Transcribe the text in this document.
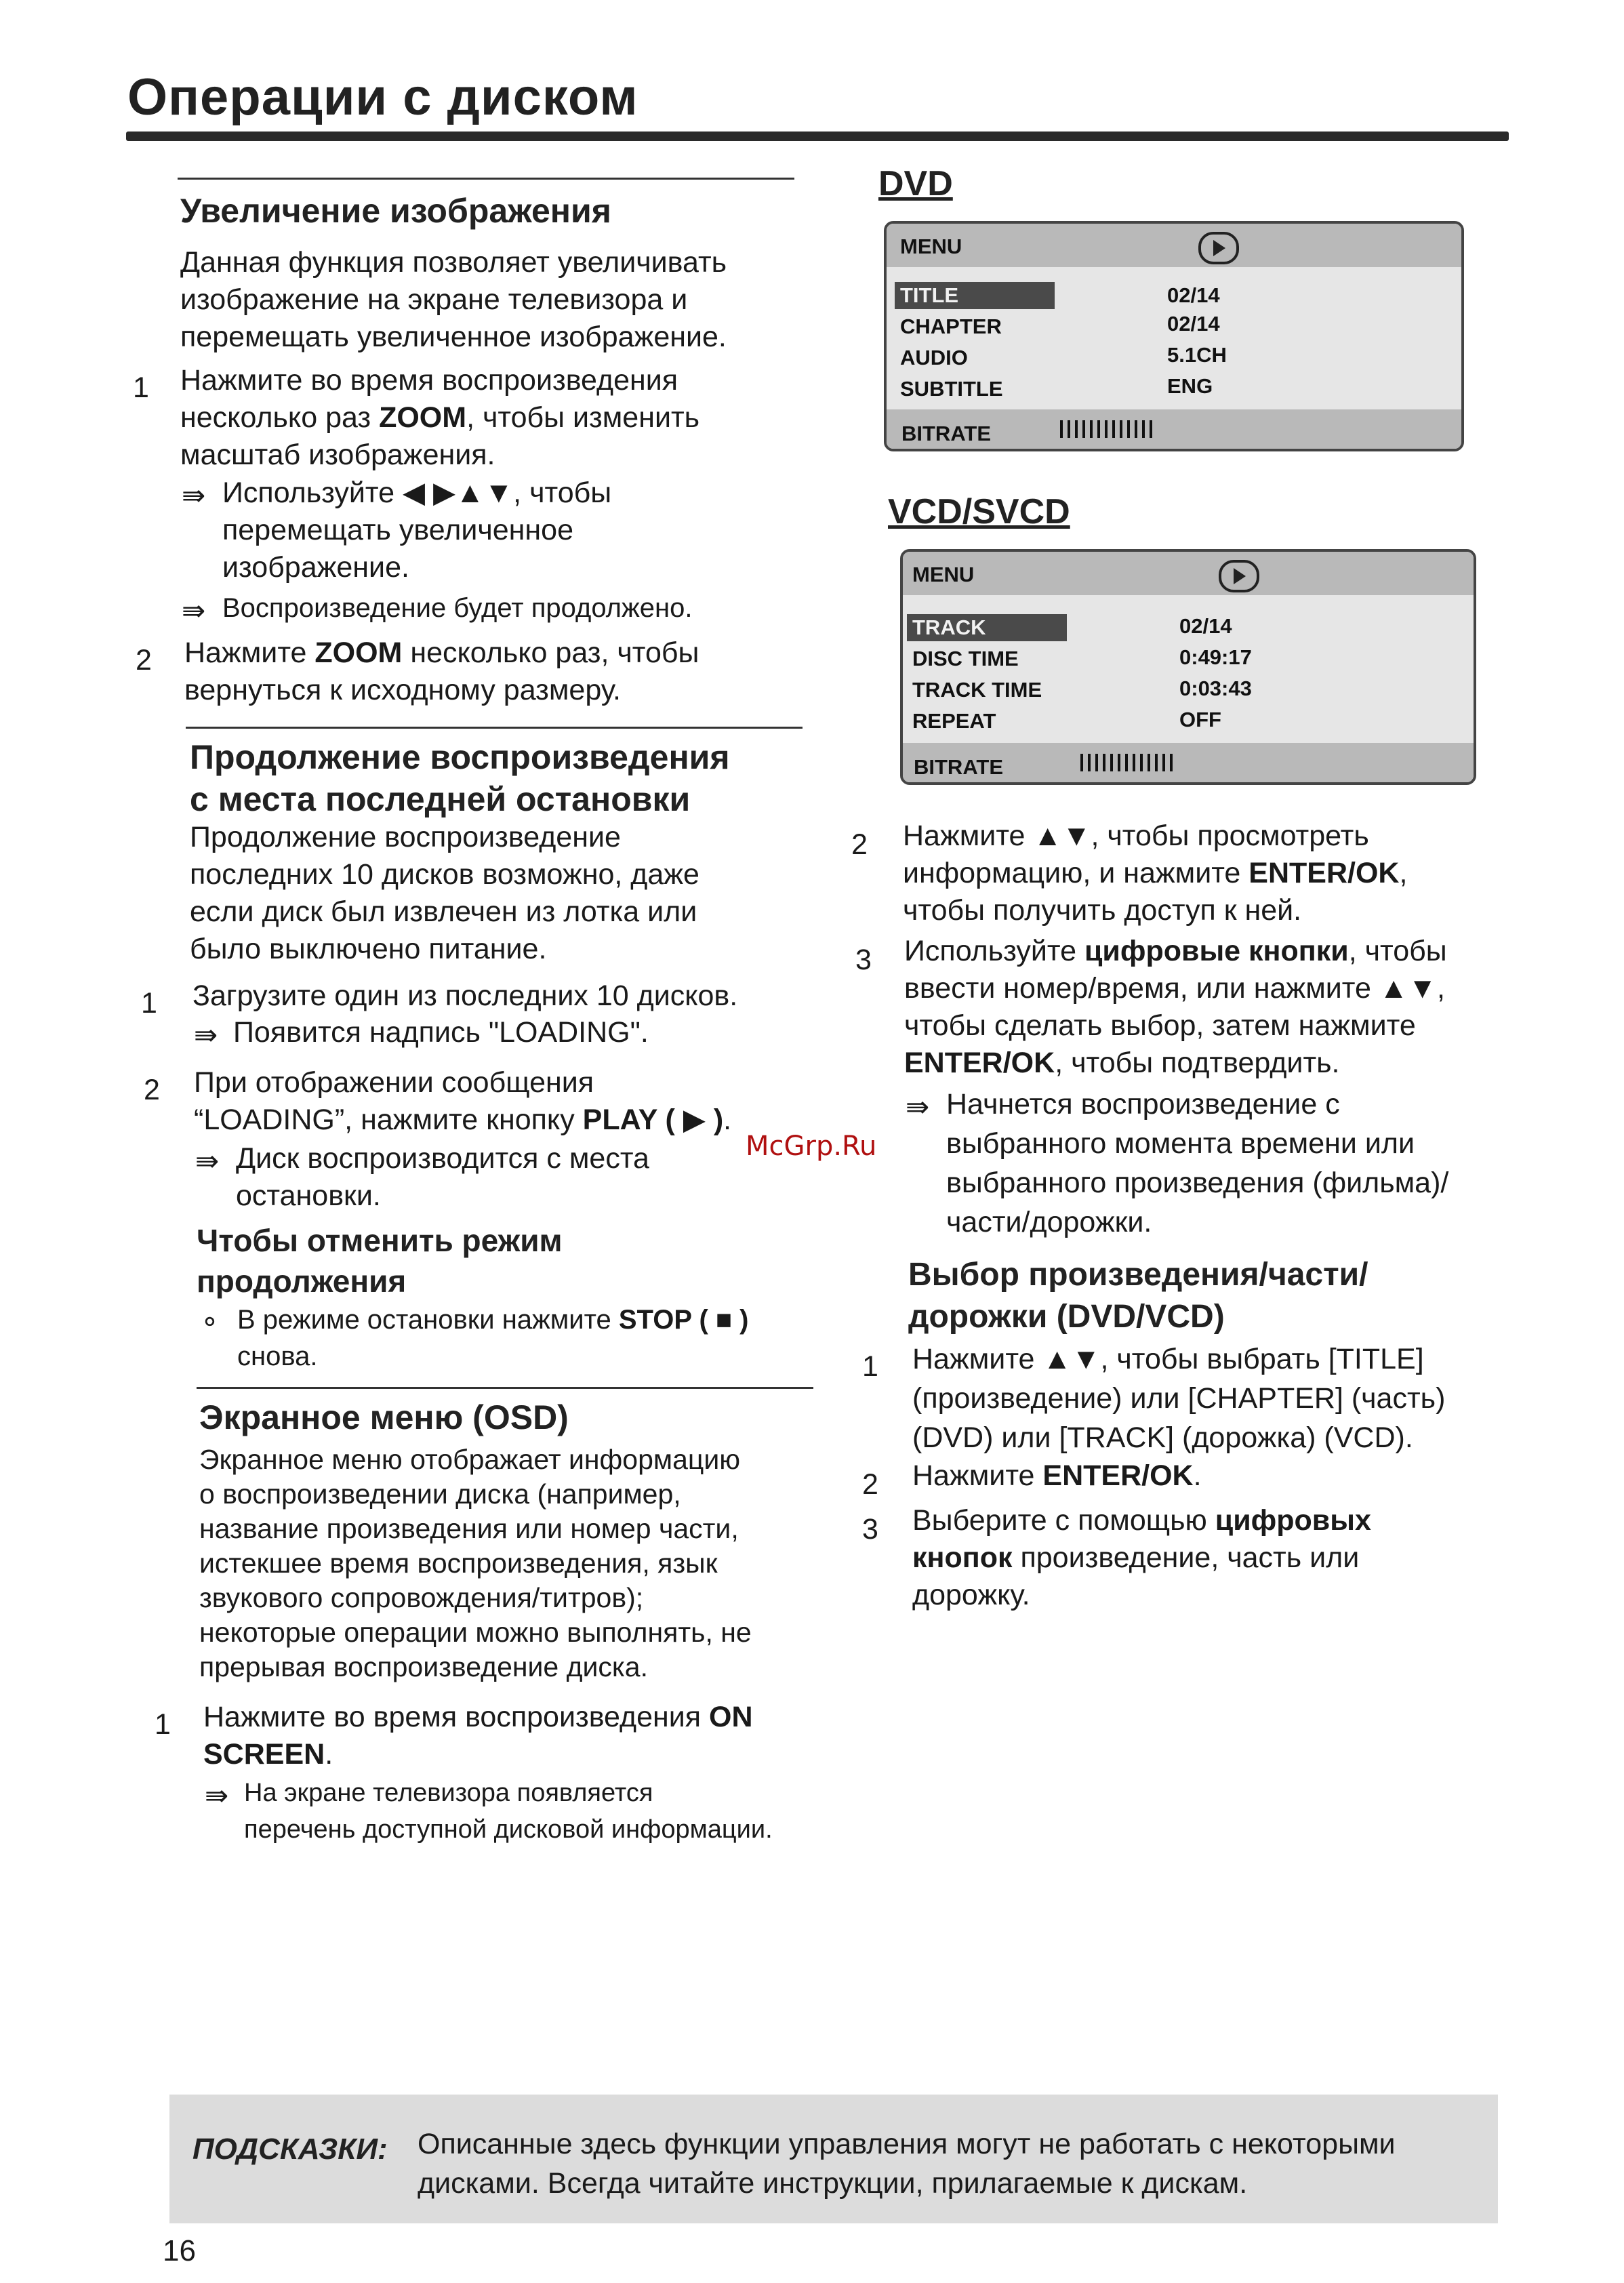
Операции с диском
Увеличение изображения
Данная функция позволяет увеличивать
изображение на экране телевизора и
перемещать увеличенное изображение.
1 Нажмите во время воспроизведения
несколько раз ZOOM, чтобы изменить
масштаб изображения.
⇛ Используйте ◀ ▶▲▼, чтобы
перемещать увеличенное
изображение.
⇛ Воспроизведение будет продолжено.
2 Нажмите ZOOM несколько раз, чтобы
вернуться к исходному размеру.
Продолжение воспроизведения
с места последней остановки
Продолжение воспроизведение
последних 10 дисков возможно, даже
если диск был извлечен из лотка или
было выключено питание.
1 Загрузите один из последних 10 дисков.
⇛ Появится надпись "LOADING".
2 При отображении сообщения
“LOADING”, нажмите кнопку PLAY ( ▶ ).
⇛ Диск воспроизводится с места
остановки.
Чтобы отменить режим
продолжения
∘ В режиме остановки нажмите STOP ( ■ )
снова.
Экранное меню (OSD)
Экранное меню отображает информацию
о воспроизведении диска (например,
название произведения или номер части,
истекшее время воспроизведения, язык
звукового сопровождения/титров);
некоторые операции можно выполнять, не
прерывая воспроизведение диска.
1 Нажмите во время воспроизведения ON
SCREEN.
⇛ На экране телевизора появляется
перечень доступной дисковой информации.
McGrp.Ru
DVD
MENU
TITLE	02/14
CHAPTER	02/14
AUDIO	5.1CH
SUBTITLE	ENG
BITRATE
VCD/SVCD
MENU
TRACK	02/14
DISC TIME	0:49:17
TRACK TIME	0:03:43
REPEAT	OFF
BITRATE
2 Нажмите ▲▼, чтобы просмотреть
информацию, и нажмите ENTER/OK,
чтобы получить доступ к ней.
3 Используйте цифровые кнопки, чтобы
ввести номер/время, или нажмите ▲▼,
чтобы сделать выбор, затем нажмите
ENTER/OK, чтобы подтвердить.
⇛ Начнется воспроизведение с
выбранного момента времени или
выбранного произведения (фильма)/
части/дорожки.
Выбор произведения/части/
дорожки (DVD/VCD)
1 Нажмите ▲▼, чтобы выбрать [TITLE]
(произведение) или [CHAPTER] (часть)
(DVD) или [TRACK] (дорожка) (VCD).
2 Нажмите ENTER/OK.
3 Выберите с помощью цифровых
кнопок произведение, часть или
дорожку.
ПОДСКАЗКИ: Описанные здесь функции управления могут не работать с некоторыми
дисками. Всегда читайте инструкции, прилагаемые к дискам.
16
